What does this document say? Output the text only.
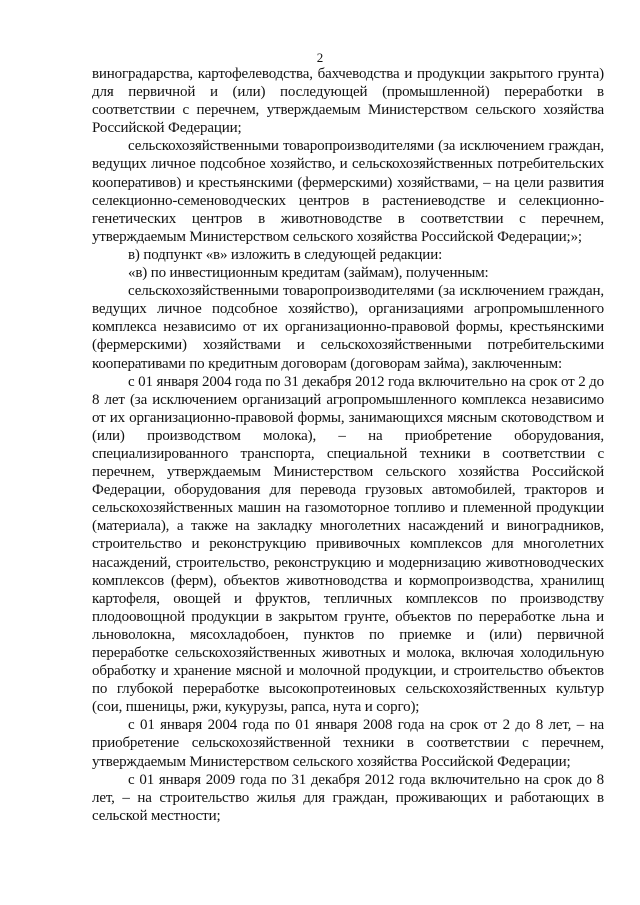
2

виноградарства, картофелеводства, бахчеводства и продукции закрытого грунта) для первичной и (или) последующей (промышленной) переработки в соответствии с перечнем, утверждаемым Министерством сельского хозяйства Российской Федерации;

сельскохозяйственными товаропроизводителями (за исключением граждан, ведущих личное подсобное хозяйство, и сельскохозяйственных потребительских кооперативов) и крестьянскими (фермерскими) хозяйствами, – на цели развития селекционно-семеноводческих центров в растениеводстве и селекционно-генетических центров в животноводстве в соответствии с перечнем, утверждаемым Министерством сельского хозяйства Российской Федерации;»;

в) подпункт «в» изложить в следующей редакции:

«в) по инвестиционным кредитам (займам), полученным:

сельскохозяйственными товаропроизводителями (за исключением граждан, ведущих личное подсобное хозяйство), организациями агропромышленного комплекса независимо от их организационно-правовой формы, крестьянскими (фермерскими) хозяйствами и сельскохозяйственными потребительскими кооперативами по кредитным договорам (договорам займа), заключенным:

с 01 января 2004 года по 31 декабря 2012 года включительно на срок от 2 до 8 лет (за исключением организаций агропромышленного комплекса независимо от их организационно-правовой формы, занимающихся мясным скотоводством и (или) производством молока), – на приобретение оборудования, специализированного транспорта, специальной техники в соответствии с перечнем, утверждаемым Министерством сельского хозяйства Российской Федерации, оборудования для перевода грузовых автомобилей, тракторов и сельскохозяйственных машин на газомоторное топливо и племенной продукции (материала), а также на закладку многолетних насаждений и виноградников, строительство и реконструкцию прививочных комплексов для многолетних насаждений, строительство, реконструкцию и модернизацию животноводческих комплексов (ферм), объектов животноводства и кормопроизводства, хранилищ картофеля, овощей и фруктов, тепличных комплексов по производству плодоовощной продукции в закрытом грунте, объектов по переработке льна и льноволокна, мясохладобоен, пунктов по приемке и (или) первичной переработке сельскохозяйственных животных и молока, включая холодильную обработку и хранение мясной и молочной продукции, и строительство объектов по глубокой переработке высокопротеиновых сельскохозяйственных культур (сои, пшеницы, ржи, кукурузы, рапса, нута и сорго);

с 01 января 2004 года по 01 января 2008 года на срок от 2 до 8 лет, – на приобретение сельскохозяйственной техники в соответствии с перечнем, утверждаемым Министерством сельского хозяйства Российской Федерации;

с 01 января 2009 года по 31 декабря 2012 года включительно на срок до 8 лет, – на строительство жилья для граждан, проживающих и работающих в сельской местности;
